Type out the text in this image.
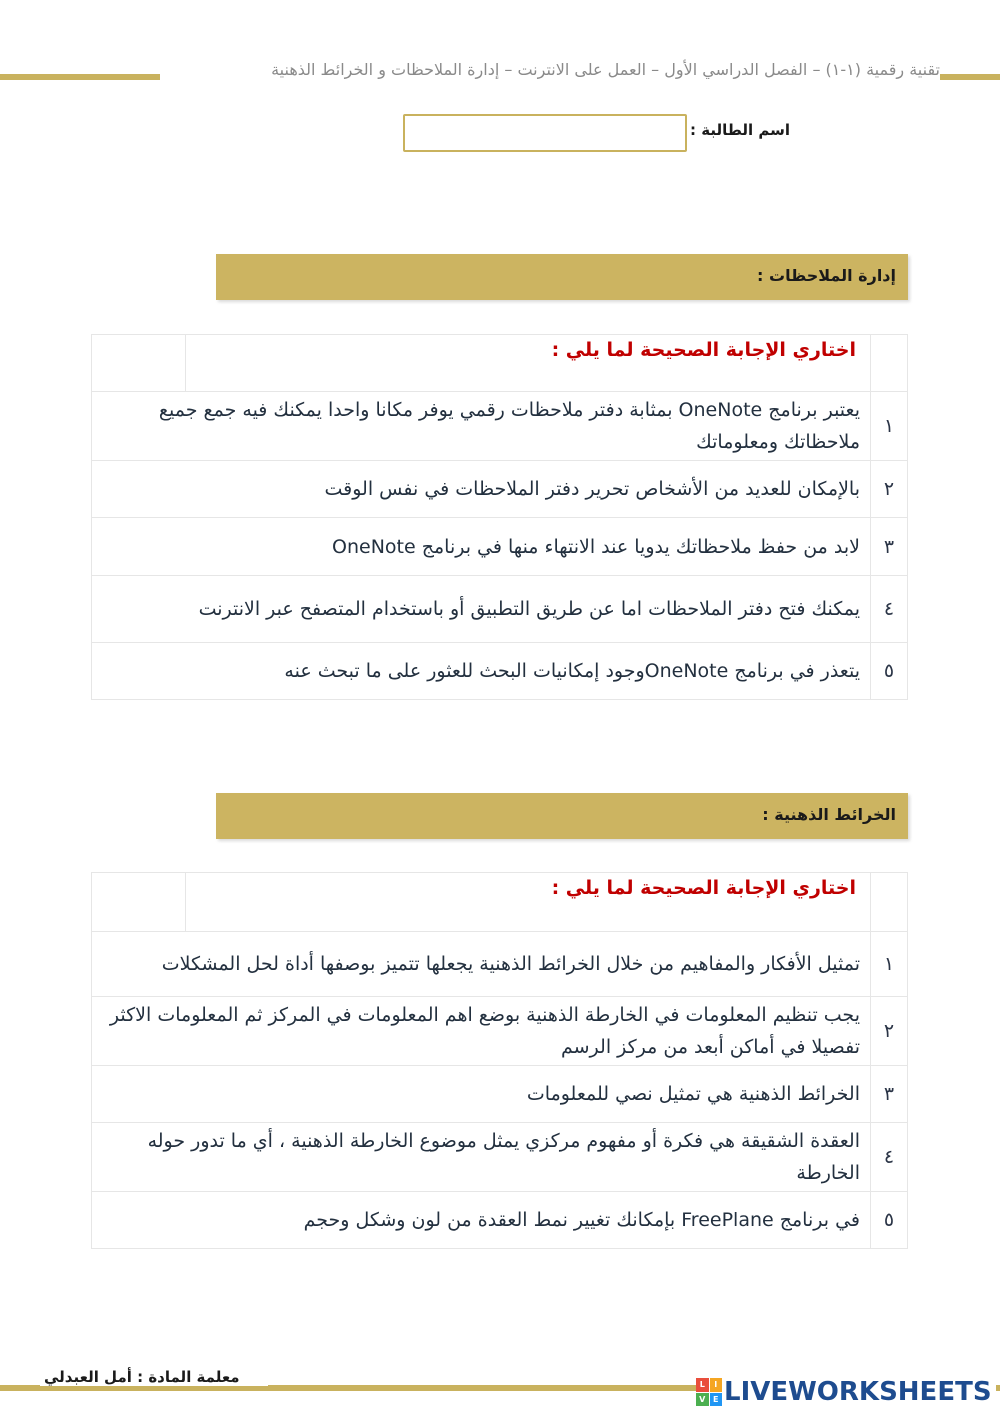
تقنية رقمية (١-١) – الفصل الدراسي الأول – العمل على الانترنت – إدارة الملاحظات و الخرائط الذهنية
اسم الطالبة :
إدارة الملاحظات :

	اختاري الإجابة الصحيحة لما يلي :	

١	يعتبر برنامج OneNote بمثابة دفتر ملاحظات رقمي يوفر مكانا واحدا يمكنك فيه جمع جميع ملاحظاتك ومعلوماتك	
٢	بالإمكان للعديد من الأشخاص تحرير دفتر الملاحظات في نفس الوقت	
٣	لابد من حفظ ملاحظاتك يدويا عند الانتهاء منها في برنامج OneNote	
٤	يمكنك فتح دفتر الملاحظات اما عن طريق التطبيق أو باستخدام المتصفح عبر الانترنت	
٥	يتعذر في برنامج OneNoteوجود إمكانيات البحث للعثور على ما تبحث عنه	
الخرائط الذهنية :

	اختاري الإجابة الصحيحة لما يلي :	

١	تمثيل الأفكار والمفاهيم من خلال الخرائط الذهنية يجعلها تتميز بوصفها أداة لحل المشكلات	
٢	يجب تنظيم المعلومات في الخارطة الذهنية بوضع اهم المعلومات في المركز ثم المعلومات الاكثر تفصيلا في أماكن أبعد من مركز الرسم	
٣	الخرائط الذهنية هي تمثيل نصي للمعلومات	
٤	العقدة الشقيقة هي فكرة أو مفهوم مركزي يمثل موضوع الخارطة الذهنية ، أي ما تدور حوله الخارطة	
٥	في برنامج FreePlane بإمكانك تغيير نمط العقدة من لون وشكل وحجم	
معلمة المادة : أمل العبدلي	L	I
V E LIVEWORKSHEETS
